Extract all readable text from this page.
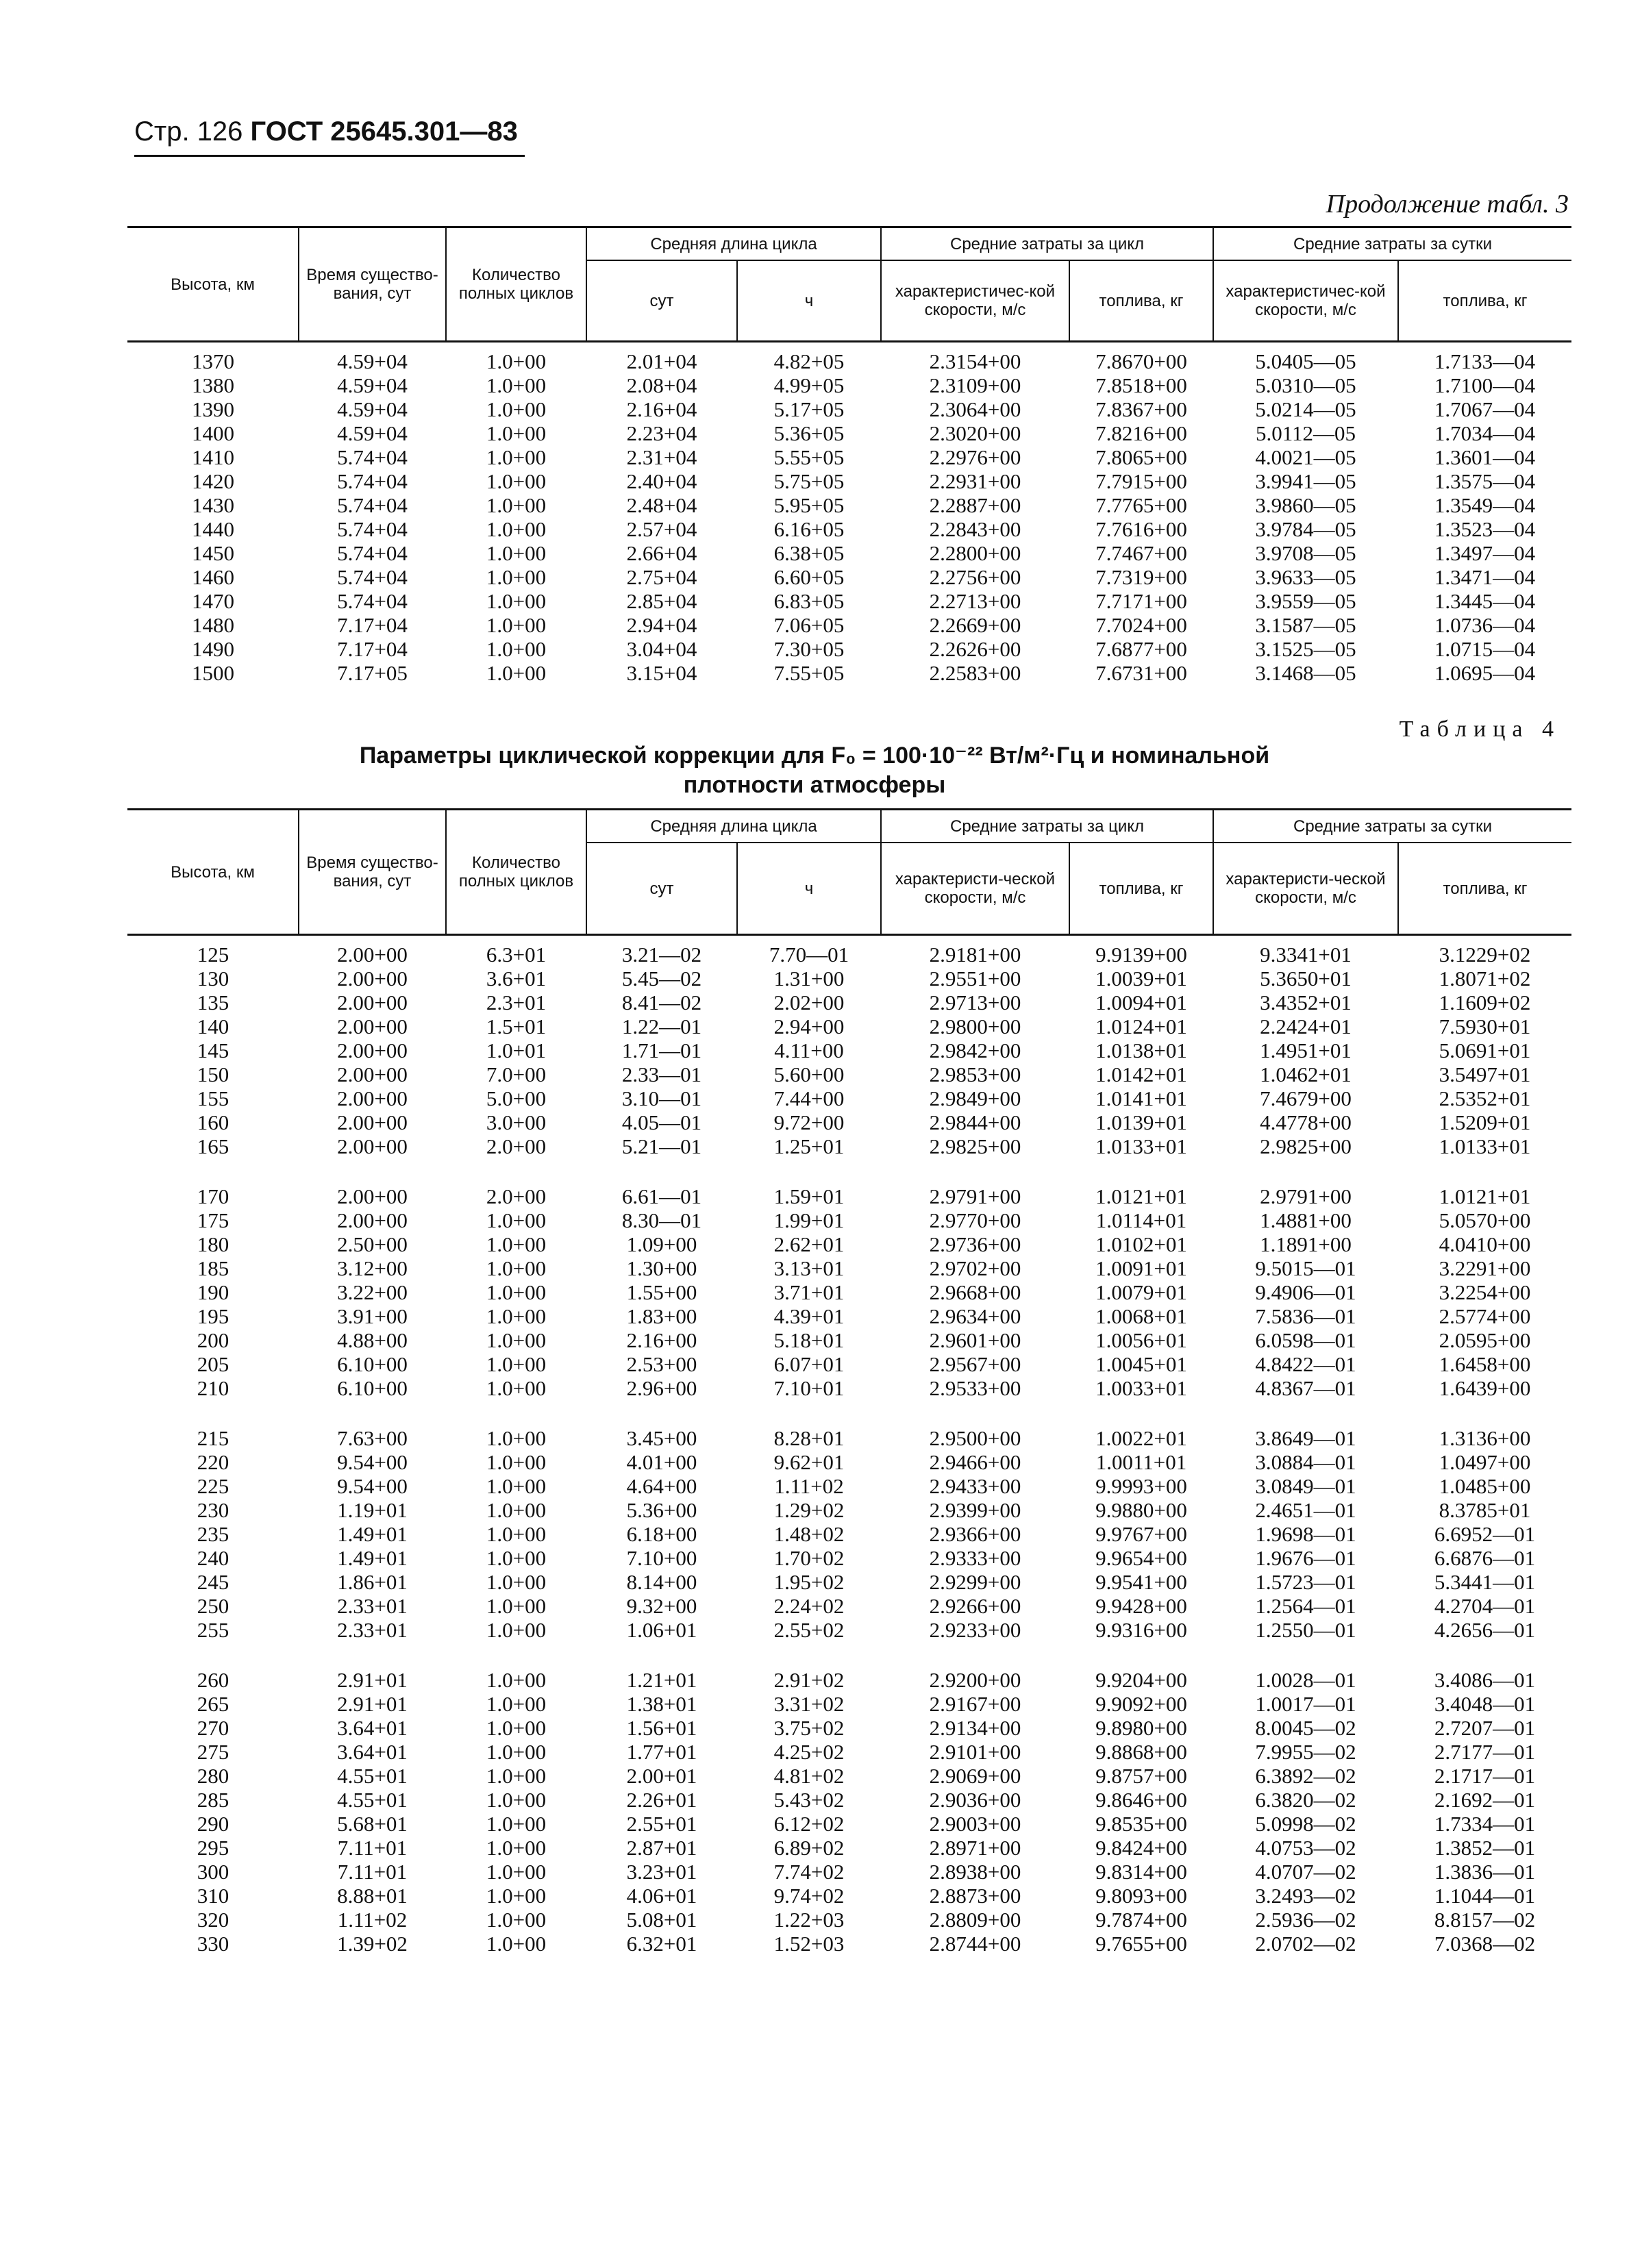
Стр. 126 ГОСТ 25645.301—83
Продолжение табл. 3
Высота, км	Время существо-вания, сут	Количество полных циклов	Средняя длина цикла		Средние затраты за цикл		Средние затраты за сутки	
			сут	ч	характеристичес-кой скорости, м/с	топлива, кг	характеристичес-кой скорости, м/с	топлива, кг
1370	4.59+04	1.0+00	2.01+04	4.82+05	2.3154+00	7.8670+00	5.0405—05	1.7133—04
1380	4.59+04	1.0+00	2.08+04	4.99+05	2.3109+00	7.8518+00	5.0310—05	1.7100—04
1390	4.59+04	1.0+00	2.16+04	5.17+05	2.3064+00	7.8367+00	5.0214—05	1.7067—04
1400	4.59+04	1.0+00	2.23+04	5.36+05	2.3020+00	7.8216+00	5.0112—05	1.7034—04
1410	5.74+04	1.0+00	2.31+04	5.55+05	2.2976+00	7.8065+00	4.0021—05	1.3601—04
1420	5.74+04	1.0+00	2.40+04	5.75+05	2.2931+00	7.7915+00	3.9941—05	1.3575—04
1430	5.74+04	1.0+00	2.48+04	5.95+05	2.2887+00	7.7765+00	3.9860—05	1.3549—04
1440	5.74+04	1.0+00	2.57+04	6.16+05	2.2843+00	7.7616+00	3.9784—05	1.3523—04
1450	5.74+04	1.0+00	2.66+04	6.38+05	2.2800+00	7.7467+00	3.9708—05	1.3497—04
1460	5.74+04	1.0+00	2.75+04	6.60+05	2.2756+00	7.7319+00	3.9633—05	1.3471—04
1470	5.74+04	1.0+00	2.85+04	6.83+05	2.2713+00	7.7171+00	3.9559—05	1.3445—04
1480	7.17+04	1.0+00	2.94+04	7.06+05	2.2669+00	7.7024+00	3.1587—05	1.0736—04
1490	7.17+04	1.0+00	3.04+04	7.30+05	2.2626+00	7.6877+00	3.1525—05	1.0715—04
1500	7.17+05	1.0+00	3.15+04	7.55+05	2.2583+00	7.6731+00	3.1468—05	1.0695—04
Таблица 4
Параметры циклической коррекции для F₀ = 100·10⁻²² Вт/м²·Гц и номинальной
плотности атмосферы
Высота, км	Время существо-вания, сут	Количество полных циклов	Средняя длина цикла		Средние затраты за цикл		Средние затраты за сутки	
			сут	ч	характеристи-ческой скорости, м/с	топлива, кг	характеристи-ческой скорости, м/с	топлива, кг
125	2.00+00	6.3+01	3.21—02	7.70—01	2.9181+00	9.9139+00	9.3341+01	3.1229+02
130	2.00+00	3.6+01	5.45—02	1.31+00	2.9551+00	1.0039+01	5.3650+01	1.8071+02
135	2.00+00	2.3+01	8.41—02	2.02+00	2.9713+00	1.0094+01	3.4352+01	1.1609+02
140	2.00+00	1.5+01	1.22—01	2.94+00	2.9800+00	1.0124+01	2.2424+01	7.5930+01
145	2.00+00	1.0+01	1.71—01	4.11+00	2.9842+00	1.0138+01	1.4951+01	5.0691+01
150	2.00+00	7.0+00	2.33—01	5.60+00	2.9853+00	1.0142+01	1.0462+01	3.5497+01
155	2.00+00	5.0+00	3.10—01	7.44+00	2.9849+00	1.0141+01	7.4679+00	2.5352+01
160	2.00+00	3.0+00	4.05—01	9.72+00	2.9844+00	1.0139+01	4.4778+00	1.5209+01
165	2.00+00	2.0+00	5.21—01	1.25+01	2.9825+00	1.0133+01	2.9825+00	1.0133+01

170	2.00+00	2.0+00	6.61—01	1.59+01	2.9791+00	1.0121+01	2.9791+00	1.0121+01
175	2.00+00	1.0+00	8.30—01	1.99+01	2.9770+00	1.0114+01	1.4881+00	5.0570+00
180	2.50+00	1.0+00	1.09+00	2.62+01	2.9736+00	1.0102+01	1.1891+00	4.0410+00
185	3.12+00	1.0+00	1.30+00	3.13+01	2.9702+00	1.0091+01	9.5015—01	3.2291+00
190	3.22+00	1.0+00	1.55+00	3.71+01	2.9668+00	1.0079+01	9.4906—01	3.2254+00
195	3.91+00	1.0+00	1.83+00	4.39+01	2.9634+00	1.0068+01	7.5836—01	2.5774+00
200	4.88+00	1.0+00	2.16+00	5.18+01	2.9601+00	1.0056+01	6.0598—01	2.0595+00
205	6.10+00	1.0+00	2.53+00	6.07+01	2.9567+00	1.0045+01	4.8422—01	1.6458+00
210	6.10+00	1.0+00	2.96+00	7.10+01	2.9533+00	1.0033+01	4.8367—01	1.6439+00

215	7.63+00	1.0+00	3.45+00	8.28+01	2.9500+00	1.0022+01	3.8649—01	1.3136+00
220	9.54+00	1.0+00	4.01+00	9.62+01	2.9466+00	1.0011+01	3.0884—01	1.0497+00
225	9.54+00	1.0+00	4.64+00	1.11+02	2.9433+00	9.9993+00	3.0849—01	1.0485+00
230	1.19+01	1.0+00	5.36+00	1.29+02	2.9399+00	9.9880+00	2.4651—01	8.3785+01
235	1.49+01	1.0+00	6.18+00	1.48+02	2.9366+00	9.9767+00	1.9698—01	6.6952—01
240	1.49+01	1.0+00	7.10+00	1.70+02	2.9333+00	9.9654+00	1.9676—01	6.6876—01
245	1.86+01	1.0+00	8.14+00	1.95+02	2.9299+00	9.9541+00	1.5723—01	5.3441—01
250	2.33+01	1.0+00	9.32+00	2.24+02	2.9266+00	9.9428+00	1.2564—01	4.2704—01
255	2.33+01	1.0+00	1.06+01	2.55+02	2.9233+00	9.9316+00	1.2550—01	4.2656—01

260	2.91+01	1.0+00	1.21+01	2.91+02	2.9200+00	9.9204+00	1.0028—01	3.4086—01
265	2.91+01	1.0+00	1.38+01	3.31+02	2.9167+00	9.9092+00	1.0017—01	3.4048—01
270	3.64+01	1.0+00	1.56+01	3.75+02	2.9134+00	9.8980+00	8.0045—02	2.7207—01
275	3.64+01	1.0+00	1.77+01	4.25+02	2.9101+00	9.8868+00	7.9955—02	2.7177—01
280	4.55+01	1.0+00	2.00+01	4.81+02	2.9069+00	9.8757+00	6.3892—02	2.1717—01
285	4.55+01	1.0+00	2.26+01	5.43+02	2.9036+00	9.8646+00	6.3820—02	2.1692—01
290	5.68+01	1.0+00	2.55+01	6.12+02	2.9003+00	9.8535+00	5.0998—02	1.7334—01
295	7.11+01	1.0+00	2.87+01	6.89+02	2.8971+00	9.8424+00	4.0753—02	1.3852—01
300	7.11+01	1.0+00	3.23+01	7.74+02	2.8938+00	9.8314+00	4.0707—02	1.3836—01
310	8.88+01	1.0+00	4.06+01	9.74+02	2.8873+00	9.8093+00	3.2493—02	1.1044—01
320	1.11+02	1.0+00	5.08+01	1.22+03	2.8809+00	9.7874+00	2.5936—02	8.8157—02
330	1.39+02	1.0+00	6.32+01	1.52+03	2.8744+00	9.7655+00	2.0702—02	7.0368—02
